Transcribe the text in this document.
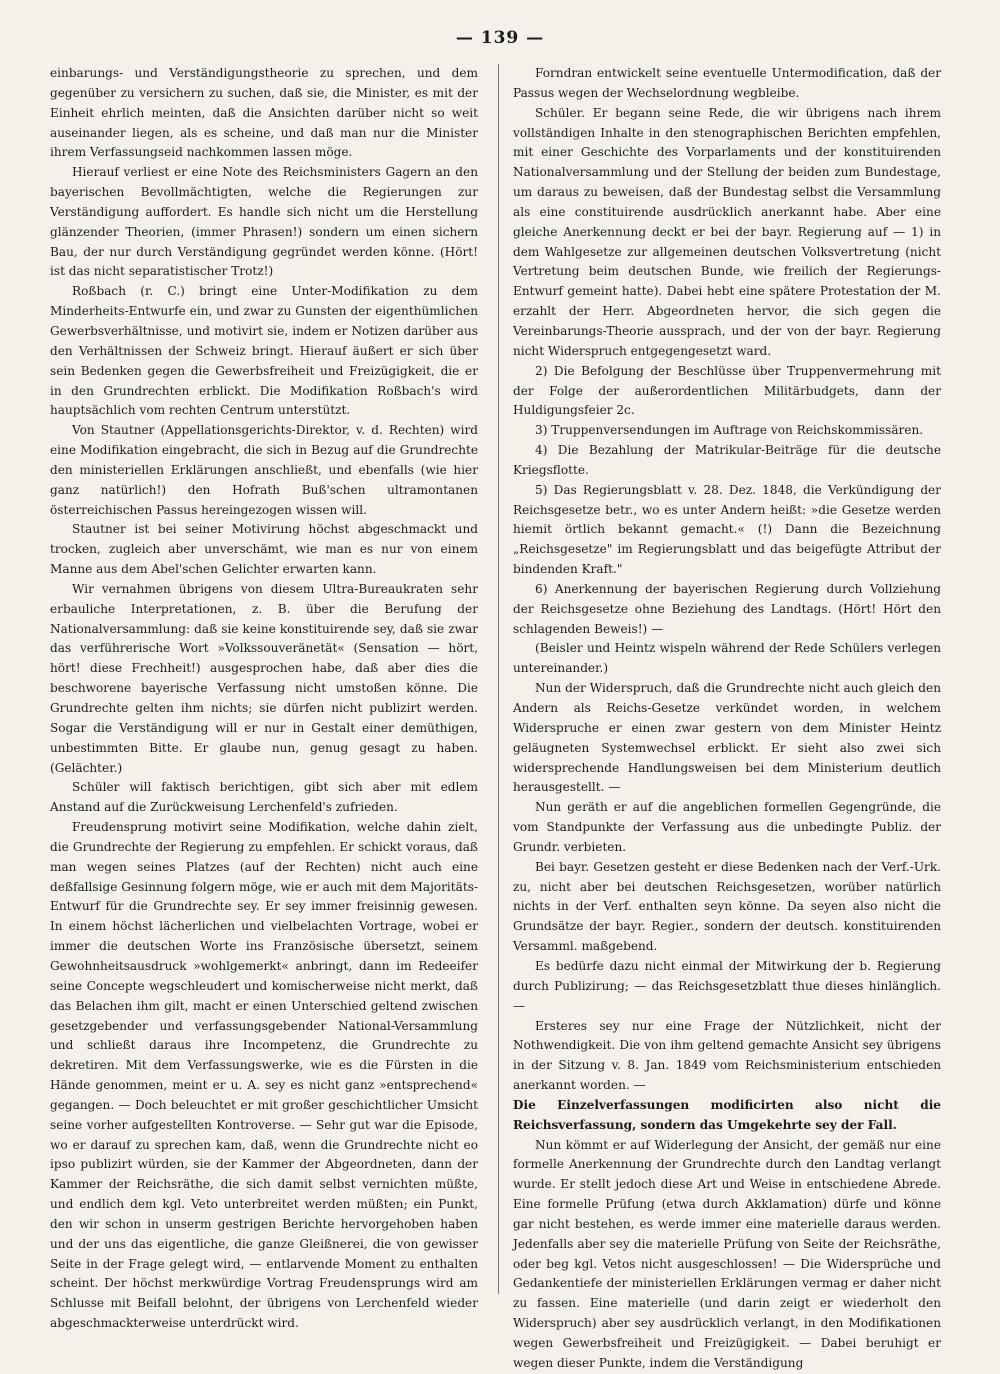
— 139 —

einbarungs- und Verständigungstheorie zu sprechen, und dem gegenüber zu versichern zu suchen, daß sie, die Minister, es mit der Einheit ehrlich meinten, daß die Ansichten darüber nicht so weit auseinander liegen, als es scheine, und daß man nur die Minister ihrem Verfassungseid nachkommen lassen möge.

Hierauf verliest er eine Note des Reichsministers Gagern an den bayerischen Bevollmächtigten, welche die Regierungen zur Verständigung auffordert. Es handle sich nicht um die Herstellung glänzender Theorien, (immer Phrasen!) sondern um einen sichern Bau, der nur durch Verständigung gegründet werden könne. (Hört! ist das nicht separatistischer Trotz!)

Roßbach (r. C.) bringt eine Unter-Modifikation zu dem Minderheits-Entwurfe ein, und zwar zu Gunsten der eigenthümlichen Gewerbsverhältnisse, und motivirt sie, indem er Notizen darüber aus den Verhältnissen der Schweiz bringt. Hierauf äußert er sich über sein Bedenken gegen die Gewerbsfreiheit und Freizügigkeit, die er in den Grundrechten erblickt. Die Modifikation Roßbach's wird hauptsächlich vom rechten Centrum unterstützt.

Von Stautner (Appellationsgerichts-Direktor, v. d. Rechten) wird eine Modifikation eingebracht, die sich in Bezug auf die Grundrechte den ministeriellen Erklärungen anschließt, und ebenfalls (wie hier ganz natürlich!) den Hofrath Buß'schen ultramontanen österreichischen Passus hereingezogen wissen will.

Stautner ist bei seiner Motivirung höchst abgeschmackt und trocken, zugleich aber unverschämt, wie man es nur von einem Manne aus dem Abel'schen Gelichter erwarten kann.

Wir vernahmen übrigens von diesem Ultra-Bureaukraten sehr erbauliche Interpretationen, z. B. über die Berufung der Nationalversammlung: daß sie keine konstituirende sey, daß sie zwar das verführerische Wort »Volkssouveränetät« (Sensation — hört, hört! diese Frechheit!) ausgesprochen habe, daß aber dies die beschworene bayerische Verfassung nicht umstoßen könne. Die Grundrechte gelten ihm nichts; sie dürfen nicht publizirt werden. Sogar die Verständigung will er nur in Gestalt einer demüthigen, unbestimmten Bitte. Er glaube nun, genug gesagt zu haben. (Gelächter.)

Schüler will faktisch berichtigen, gibt sich aber mit edlem Anstand auf die Zurückweisung Lerchenfeld's zufrieden.

Freudensprung motivirt seine Modifikation, welche dahin zielt, die Grundrechte der Regierung zu empfehlen. Er schickt voraus, daß man wegen seines Platzes (auf der Rechten) nicht auch eine deßfallsige Gesinnung folgern möge, wie er auch mit dem Majoritäts-Entwurf für die Grundrechte sey. Er sey immer freisinnig gewesen. In einem höchst lächerlichen und vielbelachten Vortrage, wobei er immer die deutschen Worte ins Französische übersetzt, seinem Gewohnheitsausdruck »wohlgemerkt« anbringt, dann im Redeeifer seine Concepte wegschleudert und komischerweise nicht merkt, daß das Belachen ihm gilt, macht er einen Unterschied geltend zwischen gesetzgebender und verfassungsgebender National-Versammlung und schließt daraus ihre Incompetenz, die Grundrechte zu dekretiren. Mit dem Verfassungswerke, wie es die Fürsten in die Hände genommen, meint er u. A. sey es nicht ganz »entsprechend« gegangen. — Doch beleuchtet er mit großer geschichtlicher Umsicht seine vorher aufgestellten Kontroverse. — Sehr gut war die Episode, wo er darauf zu sprechen kam, daß, wenn die Grundrechte nicht eo ipso publizirt würden, sie der Kammer der Abgeordneten, dann der Kammer der Reichsräthe, die sich damit selbst vernichten müßte, und endlich dem kgl. Veto unterbreitet werden müßten; ein Punkt, den wir schon in unserm gestrigen Berichte hervorgehoben haben und der uns das eigentliche, die ganze Gleißnerei, die von gewisser Seite in der Frage gelegt wird, — entlarvende Moment zu enthalten scheint. Der höchst merkwürdige Vortrag Freudensprungs wird am Schlusse mit Beifall belohnt, der übrigens von Lerchenfeld wieder abgeschmackterweise unterdrückt wird.

Forndran entwickelt seine eventuelle Untermodification, daß der Passus wegen der Wechselordnung wegbleibe.

Schüler. Er begann seine Rede, die wir übrigens nach ihrem vollständigen Inhalte in den stenographischen Berichten empfehlen, mit einer Geschichte des Vorparlaments und der konstituirenden Nationalversammlung und der Stellung der beiden zum Bundestage, um daraus zu beweisen, daß der Bundestag selbst die Versammlung als eine constituirende ausdrücklich anerkannt habe. Aber eine gleiche Anerkennung deckt er bei der bayr. Regierung auf — 1) in dem Wahlgesetze zur allgemeinen deutschen Volksvertretung (nicht Vertretung beim deutschen Bunde, wie freilich der Regierungs-Entwurf gemeint hatte). Dabei hebt eine spätere Protestation der M. erzahlt der Herr. Abgeordneten hervor, die sich gegen die Vereinbarungs-Theorie aussprach, und der von der bayr. Regierung nicht Widerspruch entgegengesetzt ward.

2) Die Befolgung der Beschlüsse über Truppenvermehrung mit der Folge der außerordentlichen Militärbudgets, dann der Huldigungsfeier 2c.

3) Truppenversendungen im Auftrage von Reichskommissären.

4) Die Bezahlung der Matrikular-Beiträge für die deutsche Kriegsflotte.

5) Das Regierungsblatt v. 28. Dez. 1848, die Verkündigung der Reichsgesetze betr., wo es unter Andern heißt: »die Gesetze werden hiemit örtlich bekannt gemacht.« (!) Dann die Bezeichnung „Reichsgesetze" im Regierungsblatt und das beigefügte Attribut der bindenden Kraft."

6) Anerkennung der bayerischen Regierung durch Vollziehung der Reichsgesetze ohne Beziehung des Landtags. (Hört! Hört den schlagenden Beweis!) —

(Beisler und Heintz wispeln während der Rede Schülers verlegen untereinander.)

Nun der Widerspruch, daß die Grundrechte nicht auch gleich den Andern als Reichs-Gesetze verkündet worden, in welchem Widerspruche er einen zwar gestern von dem Minister Heintz geläugneten Systemwechsel erblickt. Er sieht also zwei sich widersprechende Handlungsweisen bei dem Ministerium deutlich herausgestellt. —

Nun geräth er auf die angeblichen formellen Gegengründe, die vom Standpunkte der Verfassung aus die unbedingte Publiz. der Grundr. verbieten.

Bei bayr. Gesetzen gesteht er diese Bedenken nach der Verf.-Urk. zu, nicht aber bei deutschen Reichsgesetzen, worüber natürlich nichts in der Verf. enthalten seyn könne. Da seyen also nicht die Grundsätze der bayr. Regier., sondern der deutsch. konstituirenden Versamml. maßgebend.

Es bedürfe dazu nicht einmal der Mitwirkung der b. Regierung durch Publizirung; — das Reichsgesetzblatt thue dieses hinlänglich. —

Ersteres sey nur eine Frage der Nützlichkeit, nicht der Nothwendigkeit. Die von ihm geltend gemachte Ansicht sey übrigens in der Sitzung v. 8. Jan. 1849 vom Reichsministerium entschieden anerkannt worden. —

Die Einzelverfassungen modificirten also nicht die Reichsverfassung, sondern das Umgekehrte sey der Fall.

Nun kömmt er auf Widerlegung der Ansicht, der gemäß nur eine formelle Anerkennung der Grundrechte durch den Landtag verlangt wurde. Er stellt jedoch diese Art und Weise in entschiedene Abrede. Eine formelle Prüfung (etwa durch Akklamation) dürfe und könne gar nicht bestehen, es werde immer eine materielle daraus werden. Jedenfalls aber sey die materielle Prüfung von Seite der Reichsräthe, oder beg kgl. Vetos nicht ausgeschlossen! — Die Widersprüche und Gedankentiefe der ministeriellen Erklärungen vermag er daher nicht zu fassen. Eine materielle (und darin zeigt er wiederholt den Widerspruch) aber sey ausdrücklich verlangt, in den Modifikationen wegen Gewerbsfreiheit und Freizügigkeit. — Dabei beruhigt er wegen dieser Punkte, indem die Verständigung
